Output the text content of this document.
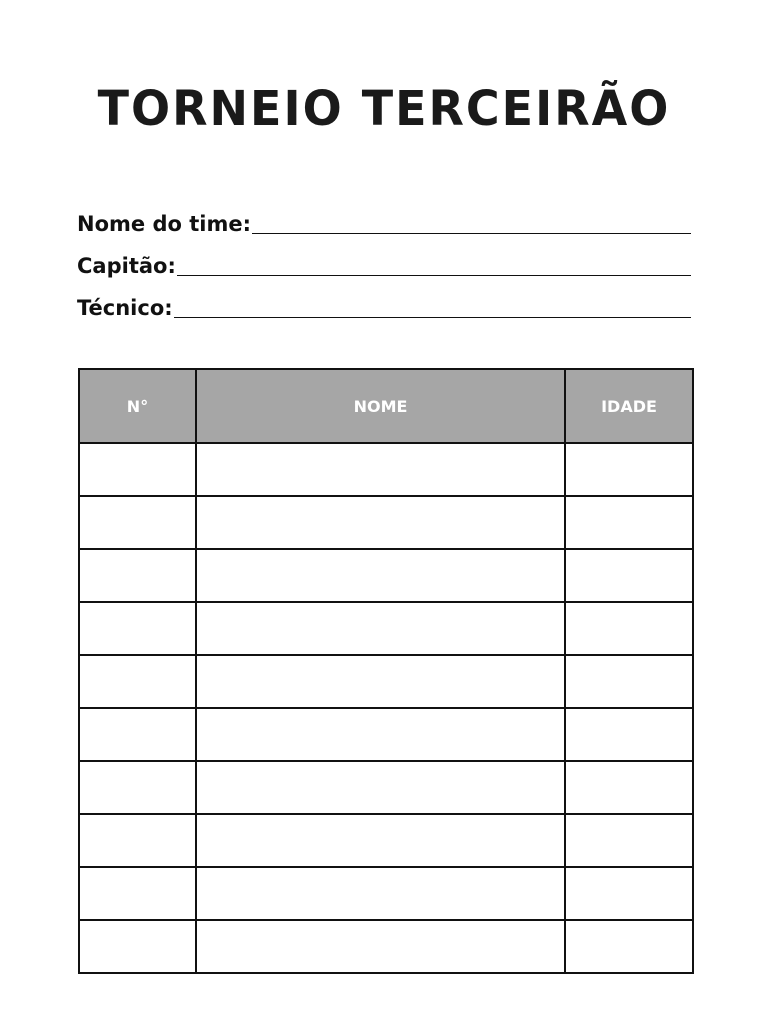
TORNEIO TERCEIRÃO
Nome do time:
Capitão:
Técnico:
N°	NOME	IDADE
